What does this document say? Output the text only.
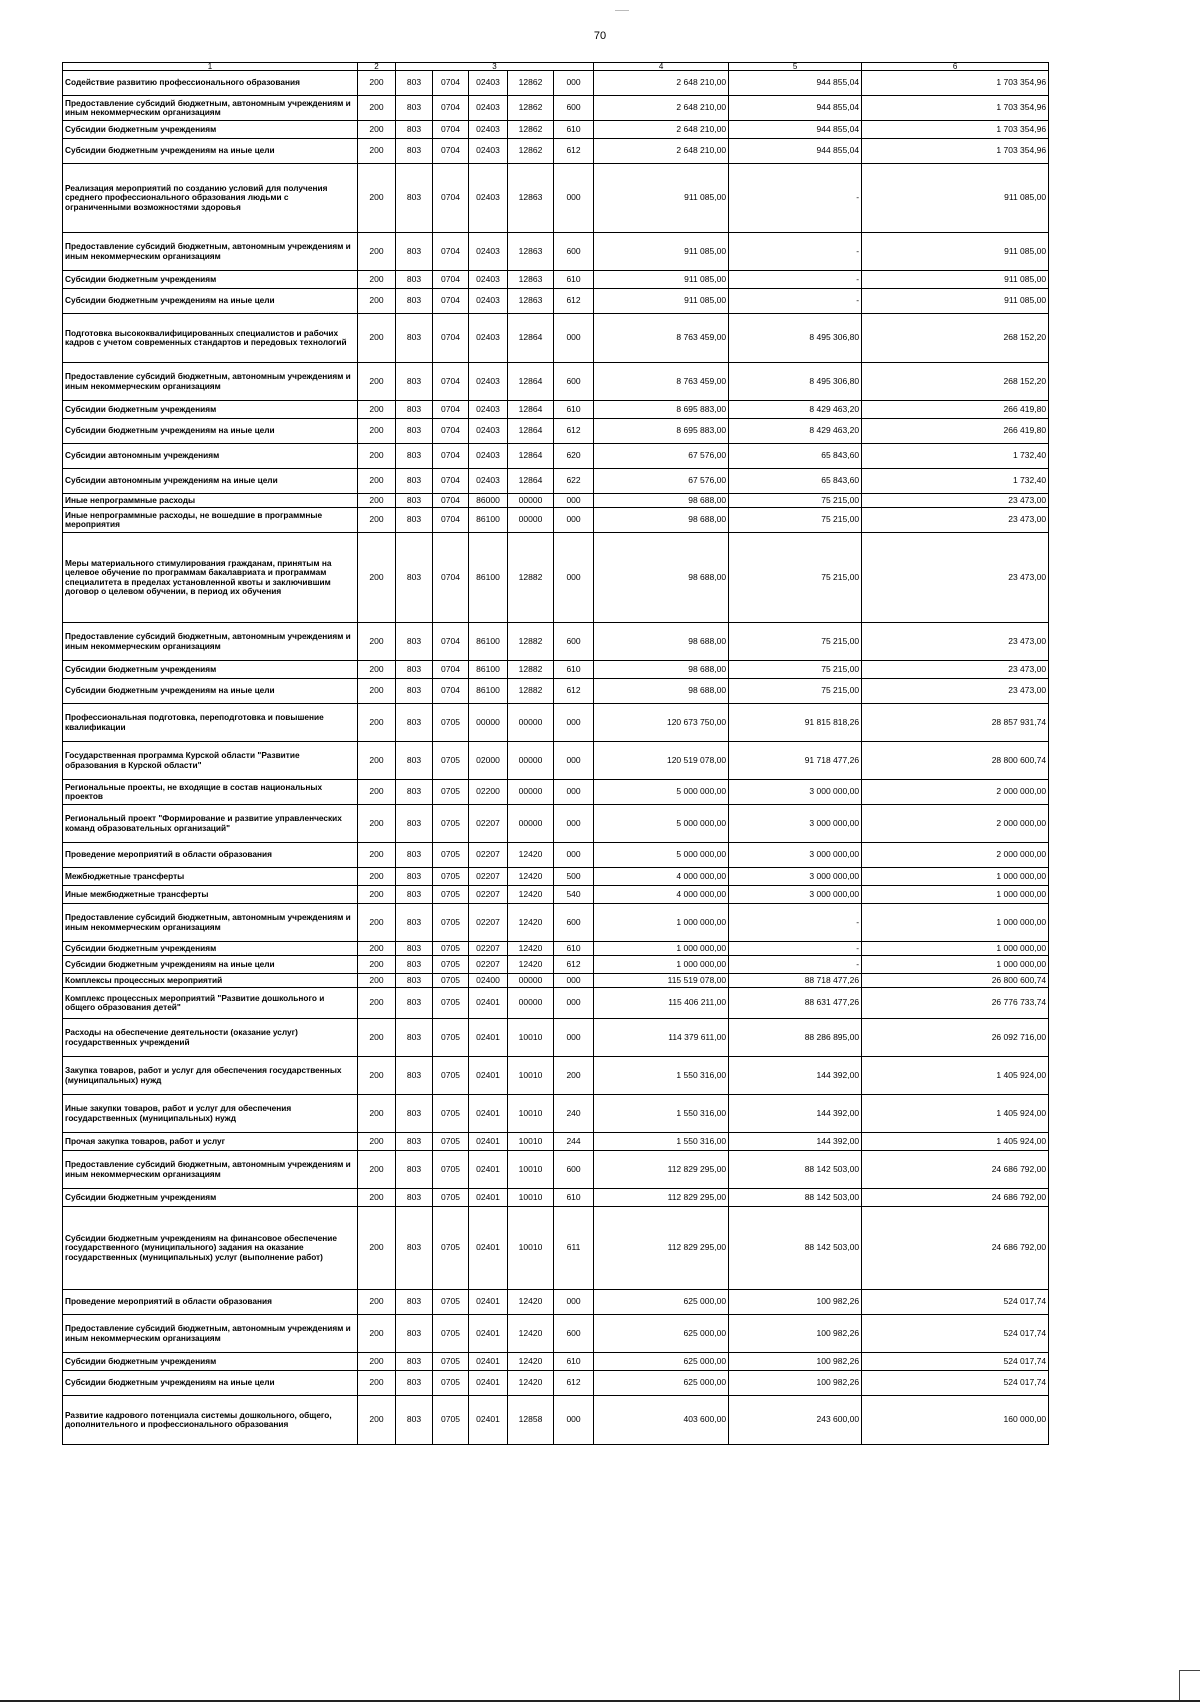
70
1	2	3					4	5	6
Содействие развитию профессионального образования	200	803	0704	02403	12862	000	2 648 210,00	944 855,04	1 703 354,96
Предоставление субсидий бюджетным, автономным учреждениям и иным некоммерческим организациям	200	803	0704	02403	12862	600	2 648 210,00	944 855,04	1 703 354,96
Субсидии бюджетным учреждениям	200	803	0704	02403	12862	610	2 648 210,00	944 855,04	1 703 354,96
Субсидии бюджетным учреждениям на иные цели	200	803	0704	02403	12862	612	2 648 210,00	944 855,04	1 703 354,96
Реализация мероприятий по созданию условий для получения среднего профессионального образования людьми с ограниченными возможностями здоровья	200	803	0704	02403	12863	000	911 085,00	-	911 085,00
Предоставление субсидий бюджетным, автономным учреждениям и иным некоммерческим организациям	200	803	0704	02403	12863	600	911 085,00	-	911 085,00
Субсидии бюджетным учреждениям	200	803	0704	02403	12863	610	911 085,00	-	911 085,00
Субсидии бюджетным учреждениям на иные цели	200	803	0704	02403	12863	612	911 085,00	-	911 085,00
Подготовка высококвалифицированных специалистов и рабочих кадров с учетом современных стандартов и передовых технологий	200	803	0704	02403	12864	000	8 763 459,00	8 495 306,80	268 152,20
Предоставление субсидий бюджетным, автономным учреждениям и иным некоммерческим организациям	200	803	0704	02403	12864	600	8 763 459,00	8 495 306,80	268 152,20
Субсидии бюджетным учреждениям	200	803	0704	02403	12864	610	8 695 883,00	8 429 463,20	266 419,80
Субсидии бюджетным учреждениям на иные цели	200	803	0704	02403	12864	612	8 695 883,00	8 429 463,20	266 419,80
Субсидии автономным учреждениям	200	803	0704	02403	12864	620	67 576,00	65 843,60	1 732,40
Субсидии автономным учреждениям на иные цели	200	803	0704	02403	12864	622	67 576,00	65 843,60	1 732,40
Иные непрограммные расходы	200	803	0704	86000	00000	000	98 688,00	75 215,00	23 473,00
Иные непрограммные расходы, не вошедшие в программные мероприятия	200	803	0704	86100	00000	000	98 688,00	75 215,00	23 473,00
Меры материального стимулирования гражданам, принятым на целевое обучение по программам бакалавриата и программам специалитета в пределах установленной квоты и заключившим договор о целевом обучении, в период их обучения	200	803	0704	86100	12882	000	98 688,00	75 215,00	23 473,00
Предоставление субсидий бюджетным, автономным учреждениям и иным некоммерческим организациям	200	803	0704	86100	12882	600	98 688,00	75 215,00	23 473,00
Субсидии бюджетным учреждениям	200	803	0704	86100	12882	610	98 688,00	75 215,00	23 473,00
Субсидии бюджетным учреждениям на иные цели	200	803	0704	86100	12882	612	98 688,00	75 215,00	23 473,00
Профессиональная подготовка, переподготовка и повышение квалификации	200	803	0705	00000	00000	000	120 673 750,00	91 815 818,26	28 857 931,74
Государственная программа Курской области "Развитие образования в Курской области"	200	803	0705	02000	00000	000	120 519 078,00	91 718 477,26	28 800 600,74
Региональные проекты, не входящие в состав национальных проектов	200	803	0705	02200	00000	000	5 000 000,00	3 000 000,00	2 000 000,00
Региональный проект "Формирование и развитие управленческих команд образовательных организаций"	200	803	0705	02207	00000	000	5 000 000,00	3 000 000,00	2 000 000,00
Проведение мероприятий в области образования	200	803	0705	02207	12420	000	5 000 000,00	3 000 000,00	2 000 000,00
Межбюджетные трансферты	200	803	0705	02207	12420	500	4 000 000,00	3 000 000,00	1 000 000,00
Иные межбюджетные трансферты	200	803	0705	02207	12420	540	4 000 000,00	3 000 000,00	1 000 000,00
Предоставление субсидий бюджетным, автономным учреждениям и иным некоммерческим организациям	200	803	0705	02207	12420	600	1 000 000,00	-	1 000 000,00
Субсидии бюджетным учреждениям	200	803	0705	02207	12420	610	1 000 000,00	-	1 000 000,00
Субсидии бюджетным учреждениям на иные цели	200	803	0705	02207	12420	612	1 000 000,00	-	1 000 000,00
Комплексы процессных мероприятий	200	803	0705	02400	00000	000	115 519 078,00	88 718 477,26	26 800 600,74
Комплекс процессных мероприятий "Развитие дошкольного и общего образования детей"	200	803	0705	02401	00000	000	115 406 211,00	88 631 477,26	26 776 733,74
Расходы на обеспечение деятельности (оказание услуг) государственных учреждений	200	803	0705	02401	10010	000	114 379 611,00	88 286 895,00	26 092 716,00
Закупка товаров, работ и услуг для обеспечения государственных (муниципальных) нужд	200	803	0705	02401	10010	200	1 550 316,00	144 392,00	1 405 924,00
Иные закупки товаров, работ и услуг для обеспечения государственных (муниципальных) нужд	200	803	0705	02401	10010	240	1 550 316,00	144 392,00	1 405 924,00
Прочая закупка товаров, работ и услуг	200	803	0705	02401	10010	244	1 550 316,00	144 392,00	1 405 924,00
Предоставление субсидий бюджетным, автономным учреждениям и иным некоммерческим организациям	200	803	0705	02401	10010	600	112 829 295,00	88 142 503,00	24 686 792,00
Субсидии бюджетным учреждениям	200	803	0705	02401	10010	610	112 829 295,00	88 142 503,00	24 686 792,00
Субсидии бюджетным учреждениям на финансовое обеспечение государственного (муниципального) задания на оказание государственных (муниципальных) услуг (выполнение работ)	200	803	0705	02401	10010	611	112 829 295,00	88 142 503,00	24 686 792,00
Проведение мероприятий в области образования	200	803	0705	02401	12420	000	625 000,00	100 982,26	524 017,74
Предоставление субсидий бюджетным, автономным учреждениям и иным некоммерческим организациям	200	803	0705	02401	12420	600	625 000,00	100 982,26	524 017,74
Субсидии бюджетным учреждениям	200	803	0705	02401	12420	610	625 000,00	100 982,26	524 017,74
Субсидии бюджетным учреждениям на иные цели	200	803	0705	02401	12420	612	625 000,00	100 982,26	524 017,74
Развитие кадрового потенциала системы дошкольного, общего, дополнительного и профессионального образования	200	803	0705	02401	12858	000	403 600,00	243 600,00	160 000,00
